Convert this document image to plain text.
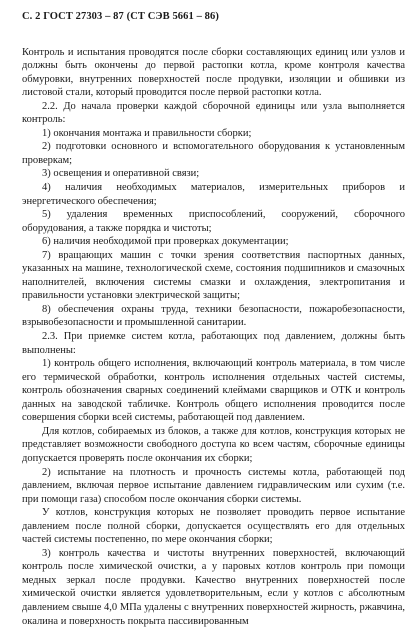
С. 2 ГОСТ 27303 – 87 (СТ СЭВ 5661 – 86)

Контроль и испытания проводятся после сборки составляющих единиц или узлов и должны быть окончены до первой растопки котла, кроме контроля качества обмуровки, внутренних поверхностей после продувки, изоляции и обшивки из листовой стали, который проводится после первой растопки котла.

2.2. До начала проверки каждой сборочной единицы или узла выполняется контроль:

1) окончания монтажа и правильности сборки;

2) подготовки основного и вспомогательного оборудования к установленным проверкам;

3) освещения и оперативной связи;

4) наличия необходимых материалов, измерительных приборов и энергетического обеспечения;

5) удаления временных приспособлений, сооружений, сборочного оборудования, а также порядка и чистоты;

6) наличия необходимой при проверках документации;

7) вращающих машин с точки зрения соответствия паспортных данных, указанных на машине, технологической схеме, состояния подшипников и смазочных наполнителей, включения системы смазки и охлаждения, электропитания и правильности установки электрической защиты;

8) обеспечения охраны труда, техники безопасности, пожаробезопасности, взрывобезопасности и промышленной санитарии.

2.3. При приемке систем котла, работающих под давлением, должны быть выполнены:

1) контроль общего исполнения, включающий контроль материала, в том числе его термической обработки, контроль исполнения отдельных частей системы, контроль обозначения сварных соединений клеймами сварщиков и ОТК и контроль данных на заводской табличке. Контроль общего исполнения проводится после совершения сборки всей системы, работающей под давлением.

Для котлов, собираемых из блоков, а также для котлов, конструкция которых не представляет возможности свободного доступа ко всем частям, сборочные единицы допускается проверять после окончания их сборки;

2) испытание на плотность и прочность системы котла, работающей под давлением, включая первое испытание давлением гидравлическим или сухим (т.е. при помощи газа) способом после окончания сборки системы.

У котлов, конструкция которых не позволяет проводить первое испытание давлением после полной сборки, допускается осуществлять его для отдельных частей системы постепенно, по мере окончания сборки;

3) контроль качества и чистоты внутренних поверхностей, включающий контроль после химической очистки, а у паровых котлов контроль при помощи медных зеркал после продувки. Качество внутренних поверхностей после химической очистки является удовлетворительным, если у котлов с абсолютным давлением свыше 4,0 МПа удалены с внутренних поверхностей жирность, ржавчина, окалина и поверхность покрыта пассивированным
